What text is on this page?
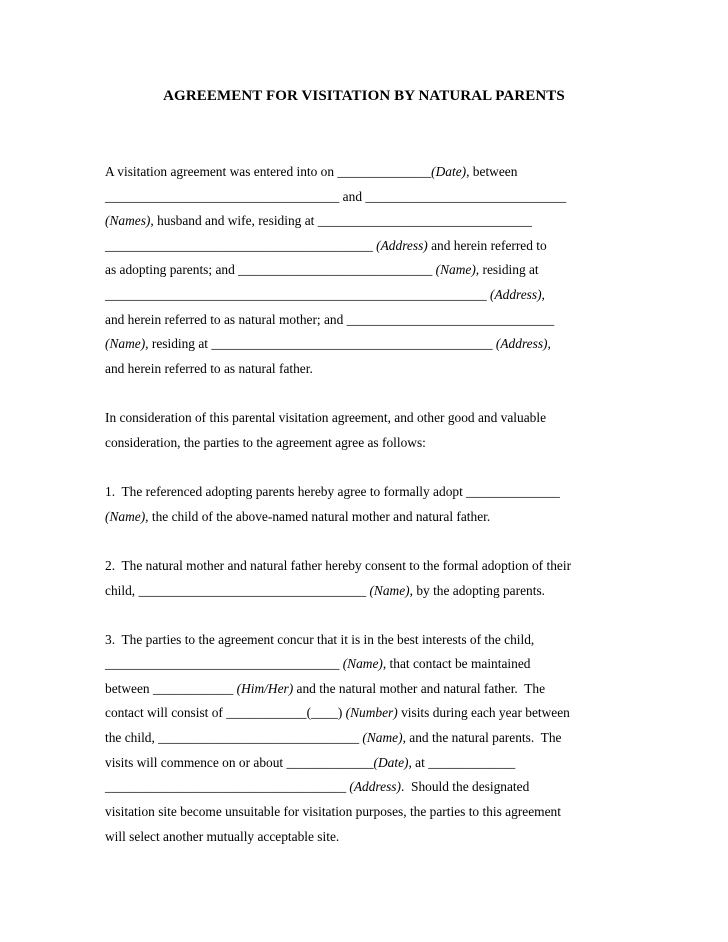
AGREEMENT FOR VISITATION BY NATURAL PARENTS
A visitation agreement was entered into on ______________(Date), between
___________________________________ and ______________________________
(Names), husband and wife, residing at ________________________________
________________________________________ (Address) and herein referred to
as adopting parents; and _____________________________ (Name), residing at
_________________________________________________________ (Address),
and herein referred to as natural mother; and _______________________________
(Name), residing at __________________________________________ (Address),
and herein referred to as natural father.
In consideration of this parental visitation agreement, and other good and valuable
consideration, the parties to the agreement agree as follows:
1.  The referenced adopting parents hereby agree to formally adopt ______________
(Name), the child of the above-named natural mother and natural father.
2.  The natural mother and natural father hereby consent to the formal adoption of their
child, __________________________________ (Name), by the adopting parents.
3.  The parties to the agreement concur that it is in the best interests of the child,
___________________________________ (Name), that contact be maintained
between ____________ (Him/Her) and the natural mother and natural father.  The
contact will consist of ____________(____) (Number) visits during each year between
the child, ______________________________ (Name), and the natural parents.  The
visits will commence on or about _____________(Date), at _____________
____________________________________ (Address).  Should the designated
visitation site become unsuitable for visitation purposes, the parties to this agreement
will select another mutually acceptable site.
